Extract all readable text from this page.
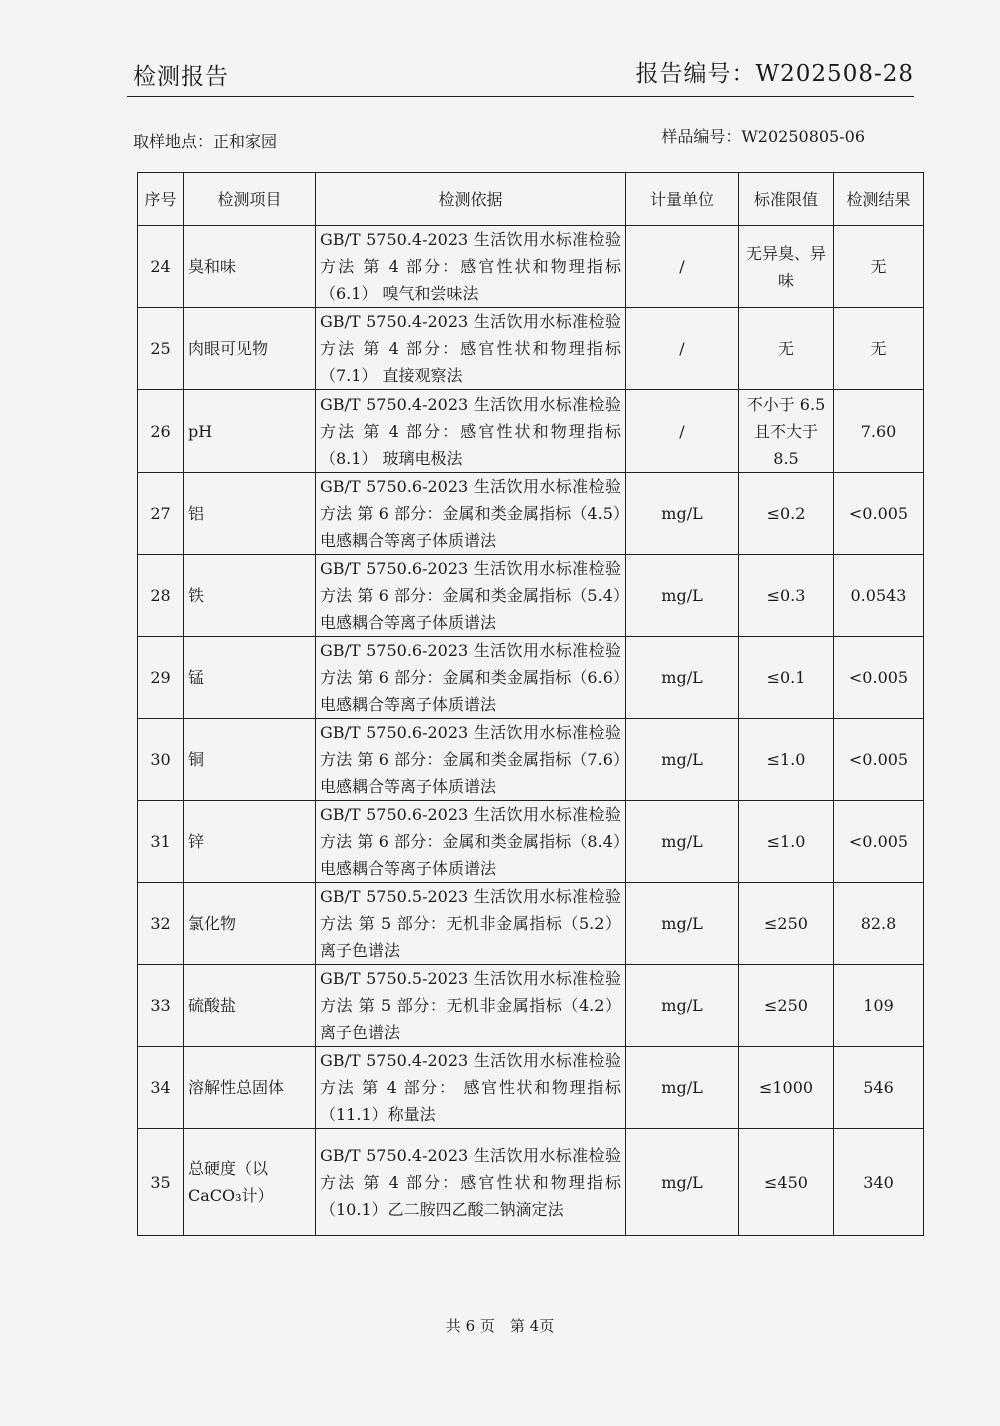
检测报告	报告编号：W202508-28
取样地点：正和家园	样品编号：W20250805-06
序号	检测项目	检测依据	计量单位	标准限值	检测结果
24	臭和味	GB/T 5750.4-2023 生活饮用水标准检验方法 第 4 部分：感官性状和物理指标（6.1） 嗅气和尝味法	/	无异臭、异味	无
25	肉眼可见物	GB/T 5750.4-2023 生活饮用水标准检验方法 第 4 部分：感官性状和物理指标（7.1） 直接观察法	/	无	无
26	pH	GB/T 5750.4-2023 生活饮用水标准检验方法 第 4 部分：感官性状和物理指标（8.1） 玻璃电极法	/	不小于 6.5 且不大于 8.5	7.60
27	铝	GB/T 5750.6-2023 生活饮用水标准检验方法 第 6 部分：金属和类金属指标（4.5）电感耦合等离子体质谱法	mg/L	≤0.2	<0.005
28	铁	GB/T 5750.6-2023 生活饮用水标准检验方法 第 6 部分：金属和类金属指标（5.4）电感耦合等离子体质谱法	mg/L	≤0.3	0.0543
29	锰	GB/T 5750.6-2023 生活饮用水标准检验方法 第 6 部分：金属和类金属指标（6.6）电感耦合等离子体质谱法	mg/L	≤0.1	<0.005
30	铜	GB/T 5750.6-2023 生活饮用水标准检验方法 第 6 部分：金属和类金属指标（7.6）电感耦合等离子体质谱法	mg/L	≤1.0	<0.005
31	锌	GB/T 5750.6-2023 生活饮用水标准检验方法 第 6 部分：金属和类金属指标（8.4）电感耦合等离子体质谱法	mg/L	≤1.0	<0.005
32	氯化物	GB/T 5750.5-2023 生活饮用水标准检验方法 第 5 部分：无机非金属指标（5.2）离子色谱法	mg/L	≤250	82.8
33	硫酸盐	GB/T 5750.5-2023 生活饮用水标准检验方法 第 5 部分：无机非金属指标（4.2）离子色谱法	mg/L	≤250	109
34	溶解性总固体	GB/T 5750.4-2023 生活饮用水标准检验方法 第 4 部分： 感官性状和物理指标（11.1）称量法	mg/L	≤1000	546
35	总硬度（以CaCO₃计）	GB/T 5750.4-2023 生活饮用水标准检验方法 第 4 部分：感官性状和物理指标 （10.1）乙二胺四乙酸二钠滴定法	mg/L	≤450	340
共 6 页　第 4页
